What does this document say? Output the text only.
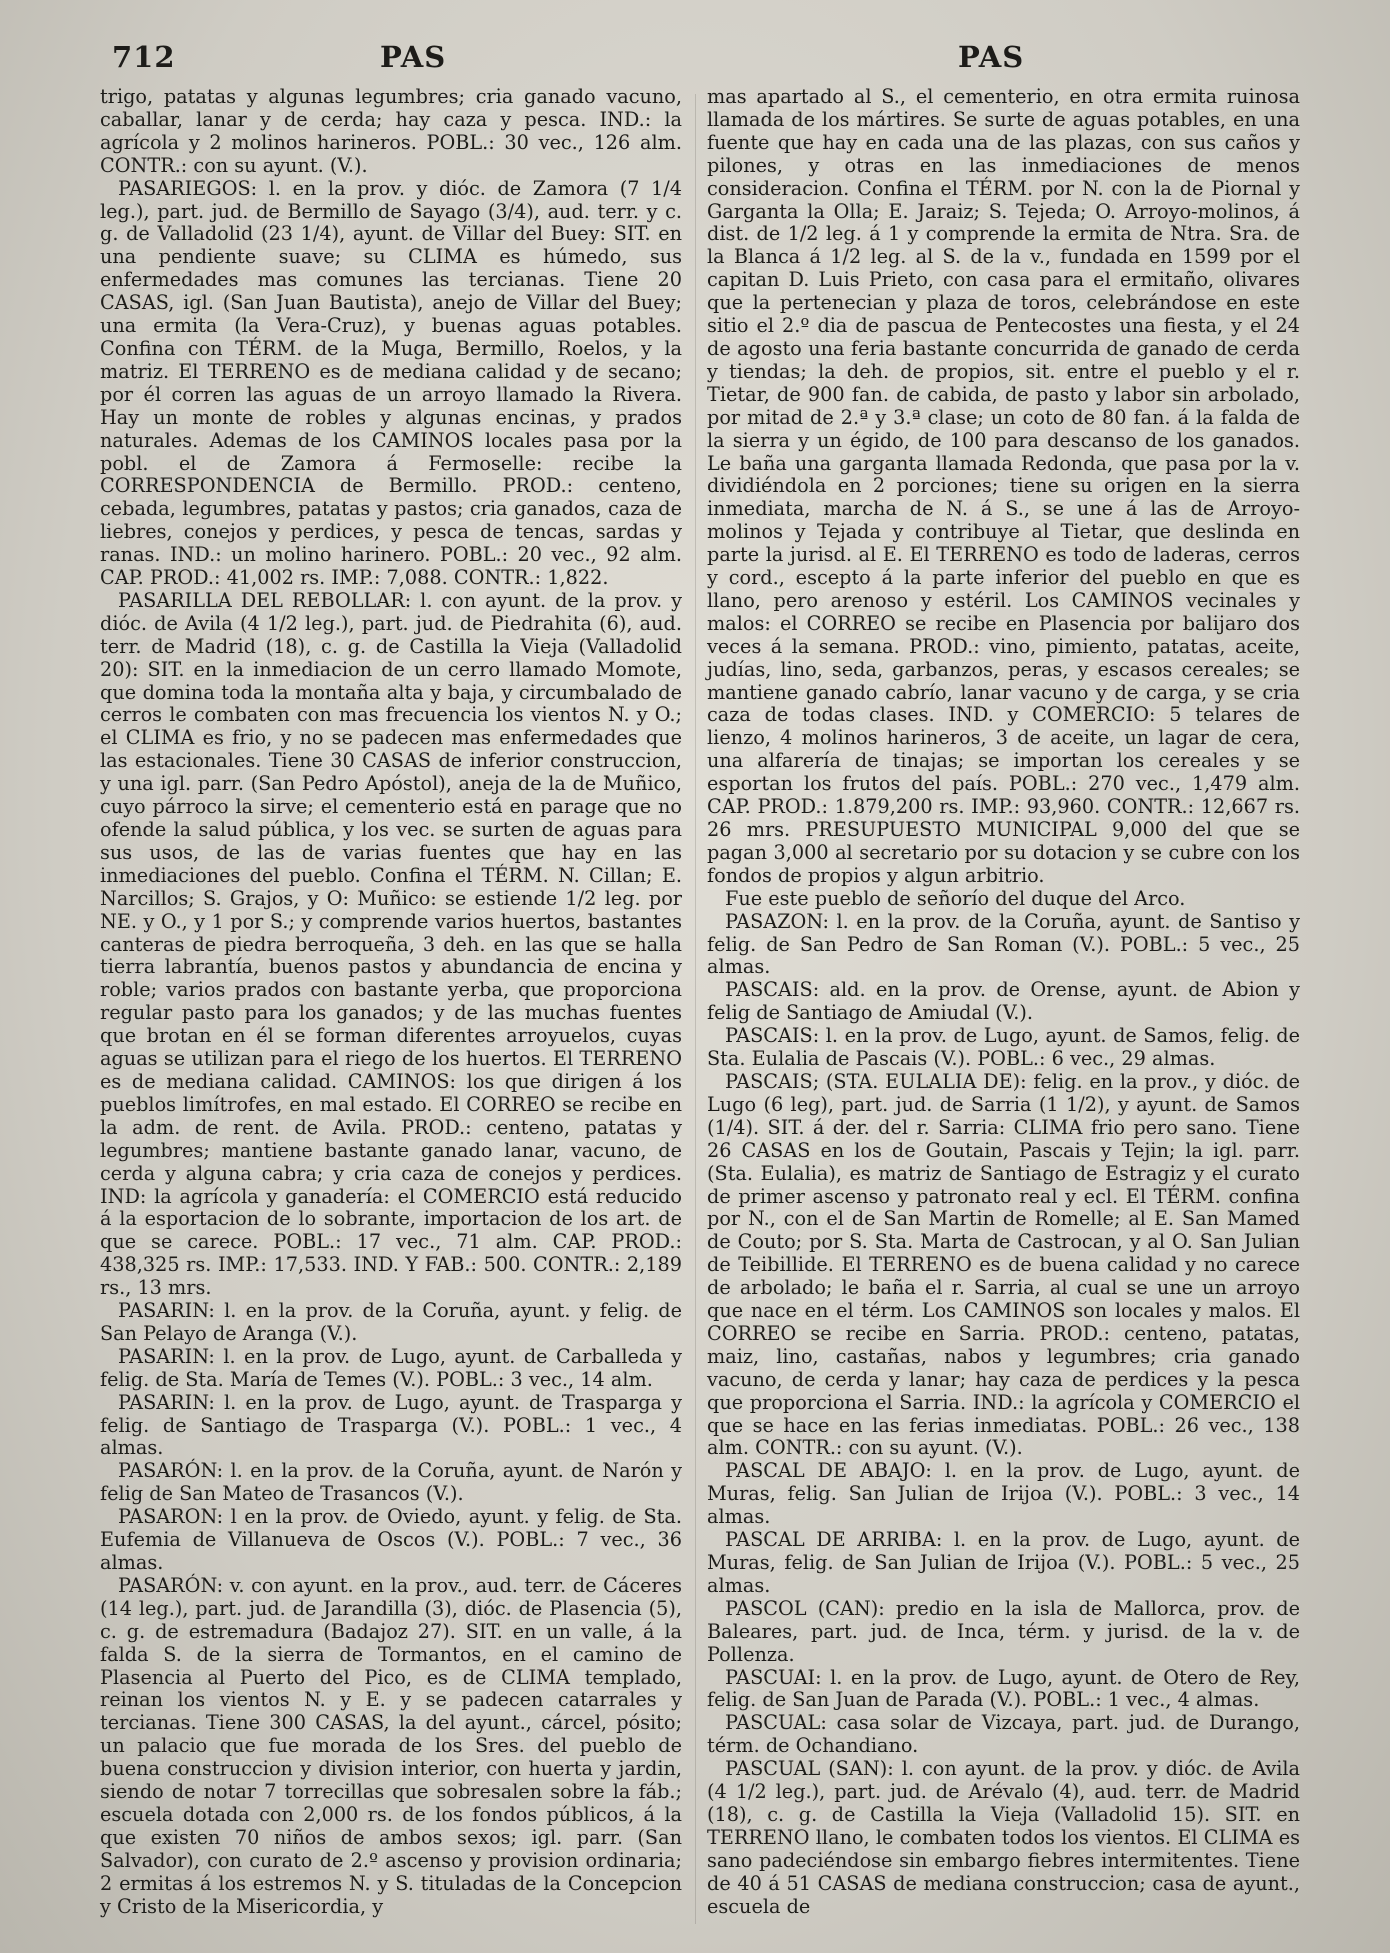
712	PAS	PAS

trigo, patatas y algunas legumbres; cria ganado vacuno, caballar, lanar y de cerda; hay caza y pesca. IND.: la agrícola y 2 molinos harineros. POBL.: 30 vec., 126 alm. CONTR.: con su ayunt. (V.).

PASARIEGOS: l. en la prov. y dióc. de Zamora (7 1/4 leg.), part. jud. de Bermillo de Sayago (3/4), aud. terr. y c. g. de Valladolid (23 1/4), ayunt. de Villar del Buey: SIT. en una pendiente suave; su CLIMA es húmedo, sus enfermedades mas comunes las tercianas. Tiene 20 CASAS, igl. (San Juan Bautista), anejo de Villar del Buey; una ermita (la Vera-Cruz), y buenas aguas potables. Confina con TÉRM. de la Muga, Bermillo, Roelos, y la matriz. El TERRENO es de mediana calidad y de secano; por él corren las aguas de un arroyo llamado la Rivera. Hay un monte de robles y algunas encinas, y prados naturales. Ademas de los CAMINOS locales pasa por la pobl. el de Zamora á Fermoselle: recibe la CORRESPONDENCIA de Bermillo. PROD.: centeno, cebada, legumbres, patatas y pastos; cria ganados, caza de liebres, conejos y perdices, y pesca de tencas, sardas y ranas. IND.: un molino harinero. POBL.: 20 vec., 92 alm. CAP. PROD.: 41,002 rs. IMP.: 7,088. CONTR.: 1,822.

PASARILLA DEL REBOLLAR: l. con ayunt. de la prov. y dióc. de Avila (4 1/2 leg.), part. jud. de Piedrahita (6), aud. terr. de Madrid (18), c. g. de Castilla la Vieja (Valladolid 20): SIT. en la inmediacion de un cerro llamado Momote, que domina toda la montaña alta y baja, y circumbalado de cerros le combaten con mas frecuencia los vientos N. y O.; el CLIMA es frio, y no se padecen mas enfermedades que las estacionales. Tiene 30 CASAS de inferior construccion, y una igl. parr. (San Pedro Apóstol), aneja de la de Muñico, cuyo párroco la sirve; el cementerio está en parage que no ofende la salud pública, y los vec. se surten de aguas para sus usos, de las de varias fuentes que hay en las inmediaciones del pueblo. Confina el TÉRM. N. Cillan; E. Narcillos; S. Grajos, y O: Muñico: se estiende 1/2 leg. por NE. y O., y 1 por S.; y comprende varios huertos, bastantes canteras de piedra berroqueña, 3 deh. en las que se halla tierra labrantía, buenos pastos y abundancia de encina y roble; varios prados con bastante yerba, que proporciona regular pasto para los ganados; y de las muchas fuentes que brotan en él se forman diferentes arroyuelos, cuyas aguas se utilizan para el riego de los huertos. El TERRENO es de mediana calidad. CAMINOS: los que dirigen á los pueblos limítrofes, en mal estado. El CORREO se recibe en la adm. de rent. de Avila. PROD.: centeno, patatas y legumbres; mantiene bastante ganado lanar, vacuno, de cerda y alguna cabra; y cria caza de conejos y perdices. IND: la agrícola y ganadería: el COMERCIO está reducido á la esportacion de lo sobrante, importacion de los art. de que se carece. POBL.: 17 vec., 71 alm. CAP. PROD.: 438,325 rs. IMP.: 17,533. IND. Y FAB.: 500. CONTR.: 2,189 rs., 13 mrs.

PASARIN: l. en la prov. de la Coruña, ayunt. y felig. de San Pelayo de Aranga (V.).

PASARIN: l. en la prov. de Lugo, ayunt. de Carballeda y felig. de Sta. María de Temes (V.). POBL.: 3 vec., 14 alm.

PASARIN: l. en la prov. de Lugo, ayunt. de Trasparga y felig. de Santiago de Trasparga (V.). POBL.: 1 vec., 4 almas.

PASARÓN: l. en la prov. de la Coruña, ayunt. de Narón y felig de San Mateo de Trasancos (V.).

PASARON: l en la prov. de Oviedo, ayunt. y felig. de Sta. Eufemia de Villanueva de Oscos (V.). POBL.: 7 vec., 36 almas.

PASARÓN: v. con ayunt. en la prov., aud. terr. de Cáceres (14 leg.), part. jud. de Jarandilla (3), dióc. de Plasencia (5), c. g. de estremadura (Badajoz 27). SIT. en un valle, á la falda S. de la sierra de Tormantos, en el camino de Plasencia al Puerto del Pico, es de CLIMA templado, reinan los vientos N. y E. y se padecen catarrales y tercianas. Tiene 300 CASAS, la del ayunt., cárcel, pósito; un palacio que fue morada de los Sres. del pueblo de buena construccion y division interior, con huerta y jardin, siendo de notar 7 torrecillas que sobresalen sobre la fáb.; escuela dotada con 2,000 rs. de los fondos públicos, á la que existen 70 niños de ambos sexos; igl. parr. (San Salvador), con curato de 2.º ascenso y provision ordinaria; 2 ermitas á los estremos N. y S. tituladas de la Concepcion y Cristo de la Misericordia, y

mas apartado al S., el cementerio, en otra ermita ruinosa llamada de los mártires. Se surte de aguas potables, en una fuente que hay en cada una de las plazas, con sus caños y pilones, y otras en las inmediaciones de menos consideracion. Confina el TÉRM. por N. con la de Piornal y Garganta la Olla; E. Jaraiz; S. Tejeda; O. Arroyo-molinos, á dist. de 1/2 leg. á 1 y comprende la ermita de Ntra. Sra. de la Blanca á 1/2 leg. al S. de la v., fundada en 1599 por el capitan D. Luis Prieto, con casa para el ermitaño, olivares que la pertenecian y plaza de toros, celebrándose en este sitio el 2.º dia de pascua de Pentecostes una fiesta, y el 24 de agosto una feria bastante concurrida de ganado de cerda y tiendas; la deh. de propios, sit. entre el pueblo y el r. Tietar, de 900 fan. de cabida, de pasto y labor sin arbolado, por mitad de 2.ª y 3.ª clase; un coto de 80 fan. á la falda de la sierra y un égido, de 100 para descanso de los ganados. Le baña una garganta llamada Redonda, que pasa por la v. dividiéndola en 2 porciones; tiene su origen en la sierra inmediata, marcha de N. á S., se une á las de Arroyo-molinos y Tejada y contribuye al Tietar, que deslinda en parte la jurisd. al E. El TERRENO es todo de laderas, cerros y cord., escepto á la parte inferior del pueblo en que es llano, pero arenoso y estéril. Los CAMINOS vecinales y malos: el CORREO se recibe en Plasencia por balijaro dos veces á la semana. PROD.: vino, pimiento, patatas, aceite, judías, lino, seda, garbanzos, peras, y escasos cereales; se mantiene ganado cabrío, lanar vacuno y de carga, y se cria caza de todas clases. IND. y COMERCIO: 5 telares de lienzo, 4 molinos harineros, 3 de aceite, un lagar de cera, una alfarería de tinajas; se importan los cereales y se esportan los frutos del país. POBL.: 270 vec., 1,479 alm. CAP. PROD.: 1.879,200 rs. IMP.: 93,960. CONTR.: 12,667 rs. 26 mrs. PRESUPUESTO MUNICIPAL 9,000 del que se pagan 3,000 al secretario por su dotacion y se cubre con los fondos de propios y algun arbitrio.

Fue este pueblo de señorío del duque del Arco.

PASAZON: l. en la prov. de la Coruña, ayunt. de Santiso y felig. de San Pedro de San Roman (V.). POBL.: 5 vec., 25 almas.

PASCAIS: ald. en la prov. de Orense, ayunt. de Abion y felig de Santiago de Amiudal (V.).

PASCAIS: l. en la prov. de Lugo, ayunt. de Samos, felig. de Sta. Eulalia de Pascais (V.). POBL.: 6 vec., 29 almas.

PASCAIS; (STA. EULALIA DE): felig. en la prov., y dióc. de Lugo (6 leg), part. jud. de Sarria (1 1/2), y ayunt. de Samos (1/4). SIT. á der. del r. Sarria: CLIMA frio pero sano. Tiene 26 CASAS en los de Goutain, Pascais y Tejin; la igl. parr. (Sta. Eulalia), es matriz de Santiago de Estragiz y el curato de primer ascenso y patronato real y ecl. El TÉRM. confina por N., con el de San Martin de Romelle; al E. San Mamed de Couto; por S. Sta. Marta de Castrocan, y al O. San Julian de Teibillide. El TERRENO es de buena calidad y no carece de arbolado; le baña el r. Sarria, al cual se une un arroyo que nace en el térm. Los CAMINOS son locales y malos. El CORREO se recibe en Sarria. PROD.: centeno, patatas, maiz, lino, castañas, nabos y legumbres; cria ganado vacuno, de cerda y lanar; hay caza de perdices y la pesca que proporciona el Sarria. IND.: la agrícola y COMERCIO el que se hace en las ferias inmediatas. POBL.: 26 vec., 138 alm. CONTR.: con su ayunt. (V.).

PASCAL DE ABAJO: l. en la prov. de Lugo, ayunt. de Muras, felig. San Julian de Irijoa (V.). POBL.: 3 vec., 14 almas.

PASCAL DE ARRIBA: l. en la prov. de Lugo, ayunt. de Muras, felig. de San Julian de Irijoa (V.). POBL.: 5 vec., 25 almas.

PASCOL (CAN): predio en la isla de Mallorca, prov. de Baleares, part. jud. de Inca, térm. y jurisd. de la v. de Pollenza.

PASCUAI: l. en la prov. de Lugo, ayunt. de Otero de Rey, felig. de San Juan de Parada (V.). POBL.: 1 vec., 4 almas.

PASCUAL: casa solar de Vizcaya, part. jud. de Durango, térm. de Ochandiano.

PASCUAL (SAN): l. con ayunt. de la prov. y dióc. de Avila (4 1/2 leg.), part. jud. de Arévalo (4), aud. terr. de Madrid (18), c. g. de Castilla la Vieja (Valladolid 15). SIT. en TERRENO llano, le combaten todos los vientos. El CLIMA es sano padeciéndose sin embargo fiebres intermitentes. Tiene de 40 á 51 CASAS de mediana construccion; casa de ayunt., escuela de
